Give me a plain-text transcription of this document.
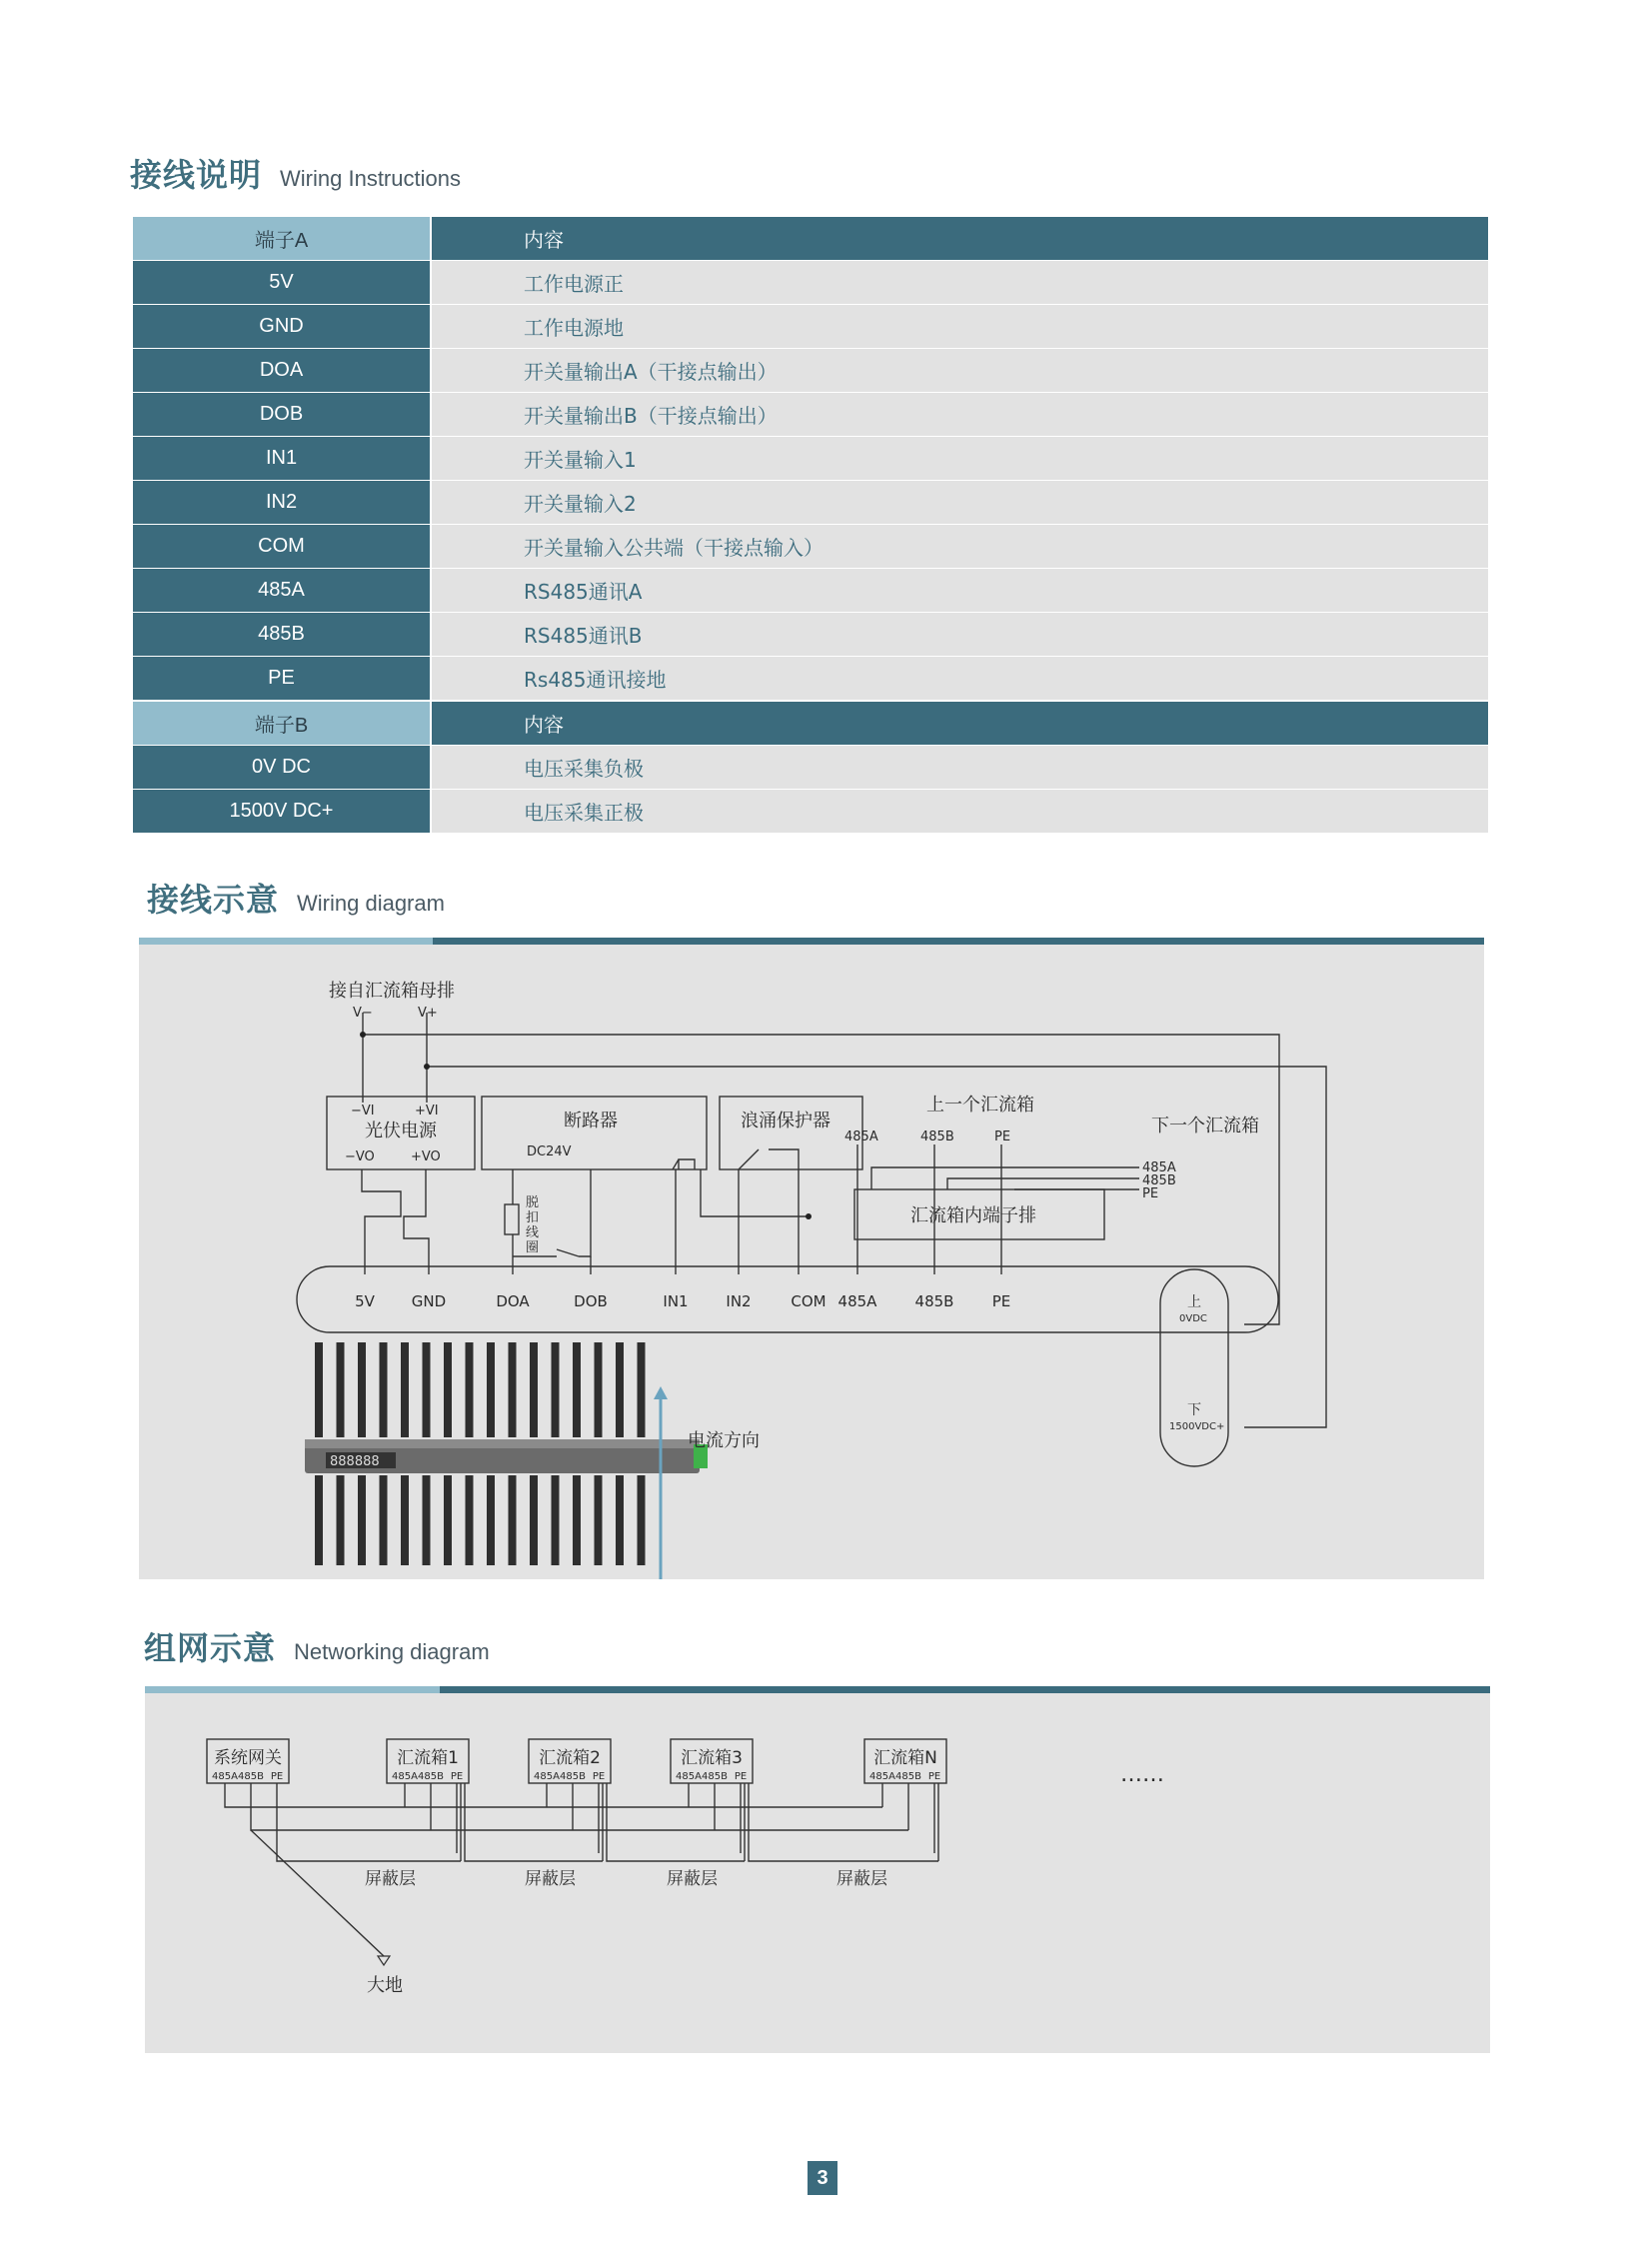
接线说明 Wiring Instructions
端子A	内容
5V	工作电源正
GND	工作电源地
DOA	开关量输出A（干接点输出）
DOB	开关量输出B（干接点输出）
IN1	开关量输入1
IN2	开关量输入2
COM	开关量输入公共端（干接点输入）
485A	RS485通讯A
485B	RS485通讯B
PE	Rs485通讯接地
端子B	内容
0V DC	电压采集负极
1500V DC+	电压采集正极
接线示意 Wiring diagram
接自汇流箱母排
V−	V+
−VI	+VI
光伏电源
−VO	+VO
断路器
DC24V
浪涌保护器
脱
扣
线
圈
上一个汇流箱
485A	485B	PE
下一个汇流箱
485A
485B
PE
汇流箱内端子排
5V GND	DOA	DOB	IN1	IN2	COM 485A	485B	PE	上
0VDC
下
1500VDC+
888888
电流方向
组网示意 Networking diagram
系统网关
485A 485B PE
汇流箱1
485A 485B PE
汇流箱2
485A 485B PE
汇流箱3
485A 485B PE
汇流箱N
485A 485B PE	……
屏蔽层	屏蔽层	屏蔽层	屏蔽层
大地
3
